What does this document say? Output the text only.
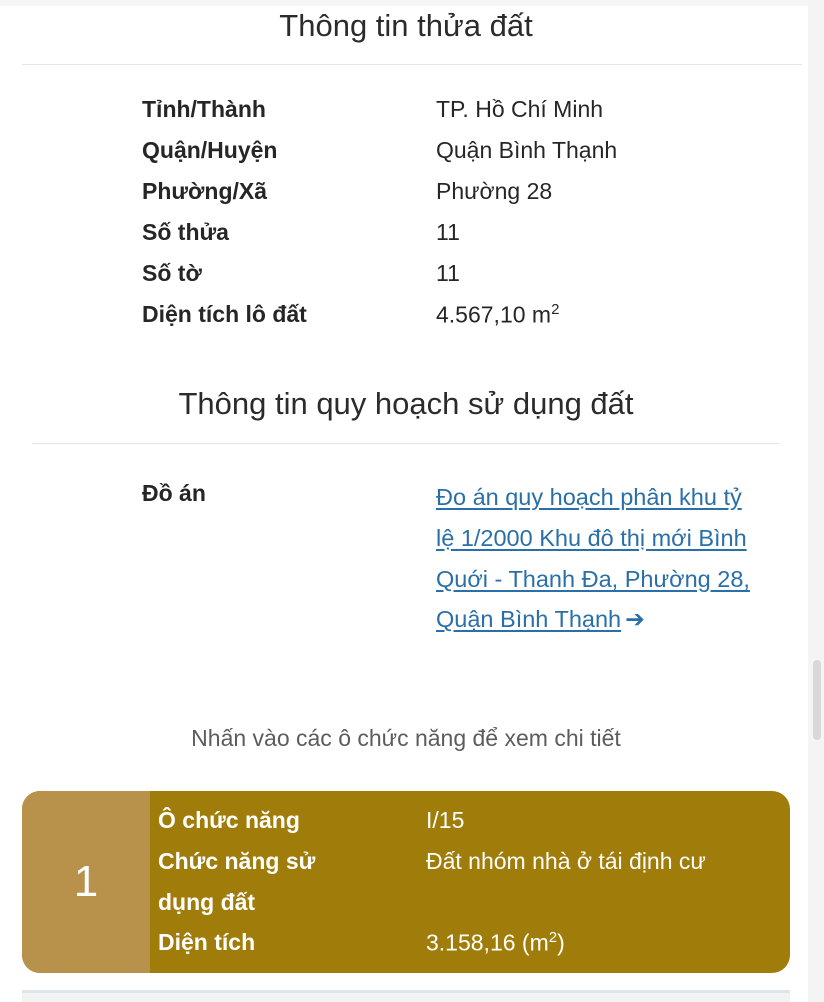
Thông tin thửa đất
Tỉnh/Thành	TP. Hồ Chí Minh
Quận/Huyện	Quận Bình Thạnh
Phường/Xã	Phường 28
Số thửa	11
Số tờ	11
Diện tích lô đất	4.567,10 $m^2$
Thông tin quy hoạch sử dụng đất
Đồ án	Đo án quy hoạch phân khu tỷ lệ 1/2000 Khu đô thị mới Bình Quới - Thanh Đa, Phường 28, Quận Bình Thạnh ➔
Nhấn vào các ô chức năng để xem chi tiết
1
Ô chức năng	I/15
Chức năng sử	Đất nhóm nhà ở tái định cư
dụng đất
Diện tích	3.158,16 $(m^2)$
